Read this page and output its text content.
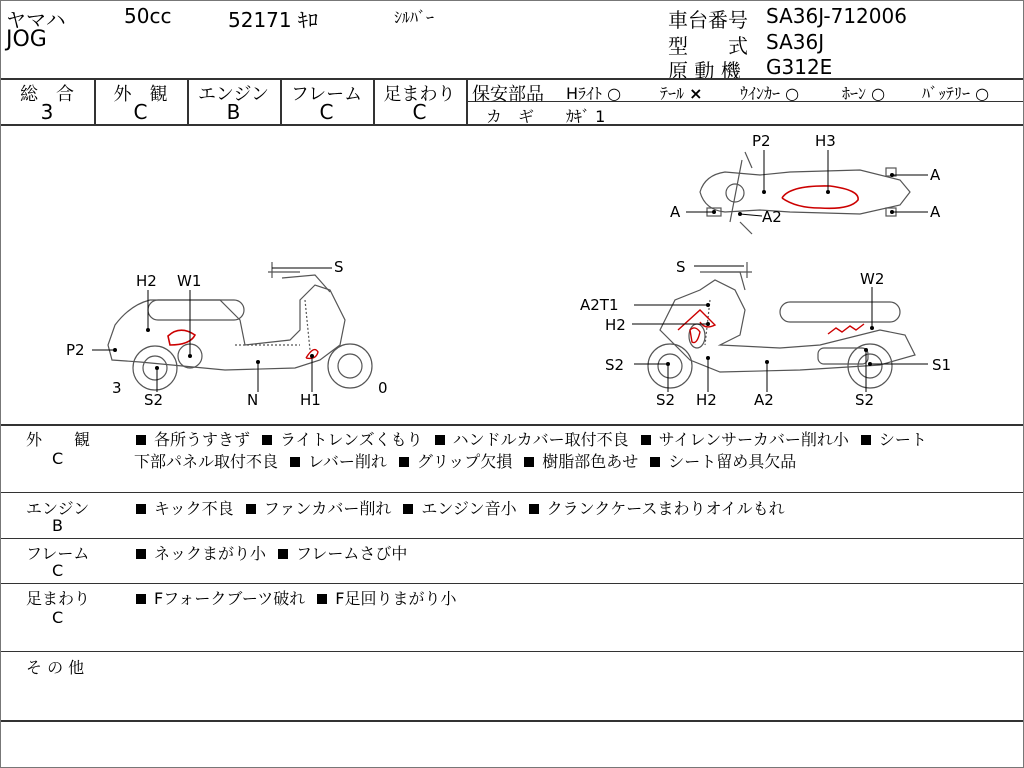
ヤマハ
JOG
50cc	52171 ｷﾛ	ｼﾙﾊﾞｰ	車台番号 SA36J-712006
型　　式 SA36J
原 動 機 G312E
総　合
3
外　観
C
エンジン
B
フレーム
C
足まわり
C
保安部品 Hﾗｲﾄ ○ ﾃｰﾙ × ｳｲﾝｶｰ ○	ﾎｰﾝ ○ ﾊﾞｯﾃﾘｰ ○
カ　ギ ｶｷﾞ 1
H2 W1
S
P2
3
S2	N	H1
0
S
A2T1
H2
W2
S2	S1
S2 H2 A2	S2
P2	H3
A
A
A	A2
外　　観
C
各所うすきず ライトレンズくもり ハンドルカバー取付不良 サイレンサーカバー削れ小 シート
下部パネル取付不良 レバー削れ グリップ欠損 樹脂部色あせ シート留め具欠品
エンジン
B
キック不良 ファンカバー削れ エンジン音小 クランクケースまわりオイルもれ
フレーム
C
ネックまがり小 フレームさび中
足まわり
C
Fフォークブーツ破れ F足回りまがり小
そ の 他
